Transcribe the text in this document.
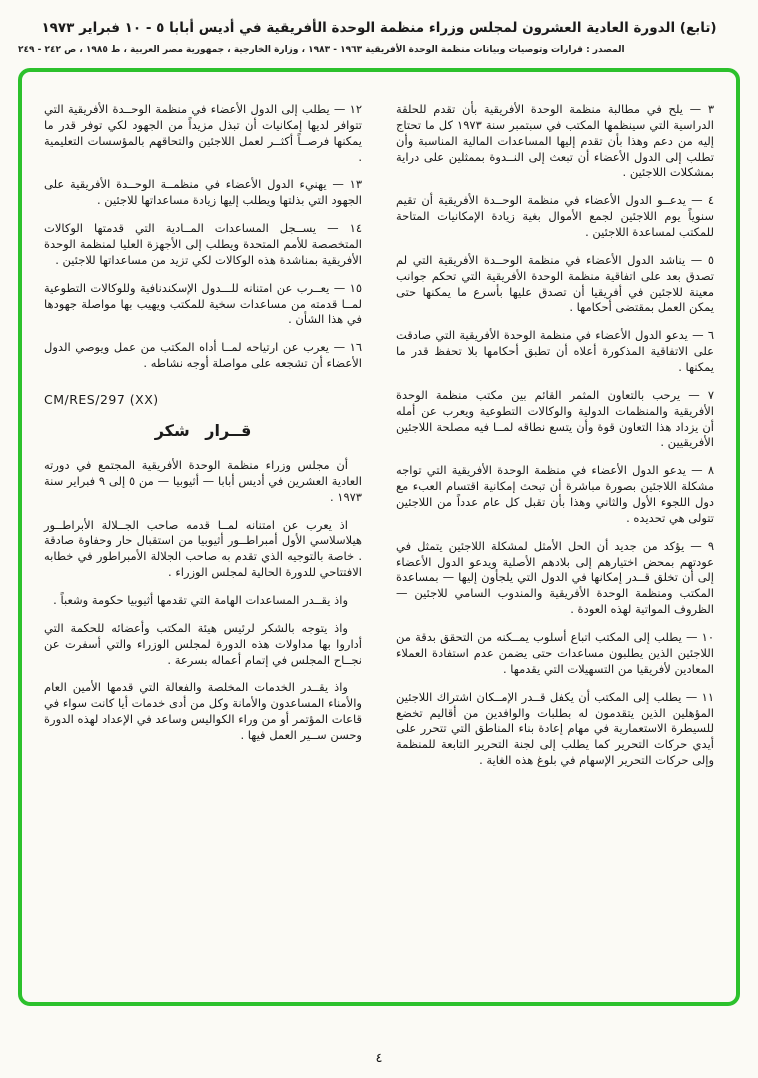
(تابع) الدورة العادية العشرون لمجلس وزراء منظمة الوحدة الأفريقية في أديس أبابا ٥ - ١٠ فبراير ١٩٧٣
المصدر : قرارات وتوصيات وبيانات منظمة الوحدة الأفريقية ١٩٦٣ - ١٩٨٣ ، وزارة الخارجية ، جمهورية مصر العربية ، ط ١٩٨٥ ، ص ٢٤٢ - ٢٤٩

٣ — يلح في مطالبة منظمة الوحدة الأفريقية بأن تقدم للحلقة الدراسية التي سينظمها المكتب في سبتمبر سنة ١٩٧٣ كل ما تحتاج إليه من دعم وهذا بأن تقدم إليها المساعدات المالية المناسبة وأن تطلب إلى الدول الأعضاء أن تبعث إلى النــدوة بممثلين على دراية بمشكلات اللاجئين .

٤ — يدعــو الدول الأعضاء في منظمة الوحــدة الأفريقية أن تقيم سنوياً يوم اللاجئين لجمع الأموال بغية زيادة الإمكانيات المتاحة للمكتب لمساعدة اللاجئين .

٥ — يناشد الدول الأعضاء في منظمة الوحــدة الأفريقية التي لم تصدق بعد على اتفاقية منظمة الوحدة الأفريقية التي تحكم جوانب معينة للاجئين في أفريقيا أن تصدق عليها بأسرع ما يمكنها حتى يمكن العمل بمقتضى أحكامها .

٦ — يدعو الدول الأعضاء في منظمة الوحدة الأفريقية التي صادقت على الاتفاقية المذكورة أعلاه أن تطبق أحكامها بلا تحفظ قدر ما يمكنها .

٧ — يرحب بالتعاون المثمر القائم بين مكتب منظمة الوحدة الأفريقية والمنظمات الدولية والوكالات التطوعية ويعرب عن أمله أن يزداد هذا التعاون قوة وأن يتسع نطاقه لمــا فيه مصلحة اللاجئين الأفريقيين .

٨ — يدعو الدول الأعضاء في منظمة الوحدة الأفريقية التي تواجه مشكلة اللاجئين بصورة مباشرة أن تبحث إمكانية اقتسام العبء مع دول اللجوء الأول والثاني وهذا بأن تقبل كل عام عدداً من اللاجئين تتولى هي تحديده .

٩ — يؤكد من جديد أن الحل الأمثل لمشكلة اللاجئين يتمثل في عودتهم بمحض اختيارهم إلى بلادهم الأصلية ويدعو الدول الأعضاء إلى أن تخلق قــدر إمكانها في الدول التي يلجأون إليها — بمساعدة المكتب ومنظمة الوحدة الأفريقية والمندوب السامي للاجئين — الظروف المواتية لهذه العودة .

١٠ — يطلب إلى المكتب اتباع أسلوب يمــكنه من التحقق بدقة من اللاجئين الذين يطلبون مساعدات حتى يضمن عدم استفادة العملاء المعادين لأفريقيا من التسهيلات التي يقدمها .

١١ — يطلب إلى المكتب أن يكفل قــدر الإمــكان اشتراك اللاجئين المؤهلين الذين يتقدمون له بطلبات والوافدين من أقاليم تخضع للسيطرة الاستعمارية في مهام إعادة بناء المناطق التي تتحرر على أيدي حركات التحرير كما يطلب إلى لجنة التحرير التابعة للمنظمة وإلى حركات التحرير الإسهام في بلوغ هذه الغاية .

١٢ — يطلب إلى الدول الأعضاء في منظمة الوحــدة الأفريقية التي تتوافر لديها إمكانيات أن تبذل مزيداً من الجهود لكي توفر قدر ما يمكنها فرصــاً أكثــر لعمل اللاجئين والتحاقهم بالمؤسسات التعليمية .

١٣ — يهنيء الدول الأعضاء في منظمــة الوحــدة الأفريقية على الجهود التي بذلتها ويطلب إليها زيادة مساعداتها للاجئين .

١٤ — يســجل المساعدات المــادية التي قدمتها الوكالات المتخصصة للأمم المتحدة ويطلب إلى الأجهزة العليا لمنظمة الوحدة الأفريقية بمناشدة هذه الوكالات لكي تزيد من مساعداتها للاجئين .

١٥ — يعــرب عن امتنانه للـــدول الإسكندنافية وللوكالات التطوعية لمــا قدمته من مساعدات سخية للمكتب ويهيب بها مواصلة جهودها في هذا الشأن .

١٦ — يعرب عن ارتياحه لمــا أداه المكتب من عمل ويوصي الدول الأعضاء أن تشجعه على مواصلة أوجه نشاطه .

CM/RES/297 (XX)
قــرار شكر

أن مجلس وزراء منظمة الوحدة الأفريقية المجتمع في دورته العادية العشرين في أديس أبابا — أثيوبيا — من ٥ إلى ٩ فبراير سنة ١٩٧٣ .

اذ يعرب عن امتنانه لمــا قدمه صاحب الجــلالة الأبراطــور هيلاسلاسي الأول أمبراطــور أثيوبيا من استقبال حار وحفاوة صادقة . خاصة بالتوجيه الذي تقدم به صاحب الجلالة الأمبراطور في خطابه الافتتاحي للدورة الحالية لمجلس الوزراء .

واذ يقــدر المساعدات الهامة التي تقدمها أثيوبيا حكومة وشعباً .

واذ يتوجه بالشكر لرئيس هيئة المكتب وأعضائه للحكمة التي أداروا بها مداولات هذه الدورة لمجلس الوزراء والتي أسفرت عن نجــاح المجلس في إتمام أعماله بسرعة .

واذ يقــدر الخدمات المخلصة والفعالة التي قدمها الأمين العام والأمناء المساعدون والأمانة وكل من أدى خدمات أيا كانت سواء في قاعات المؤتمر أو من وراء الكواليس وساعد في الإعداد لهذه الدورة وحسن ســير العمل فيها .

٤
